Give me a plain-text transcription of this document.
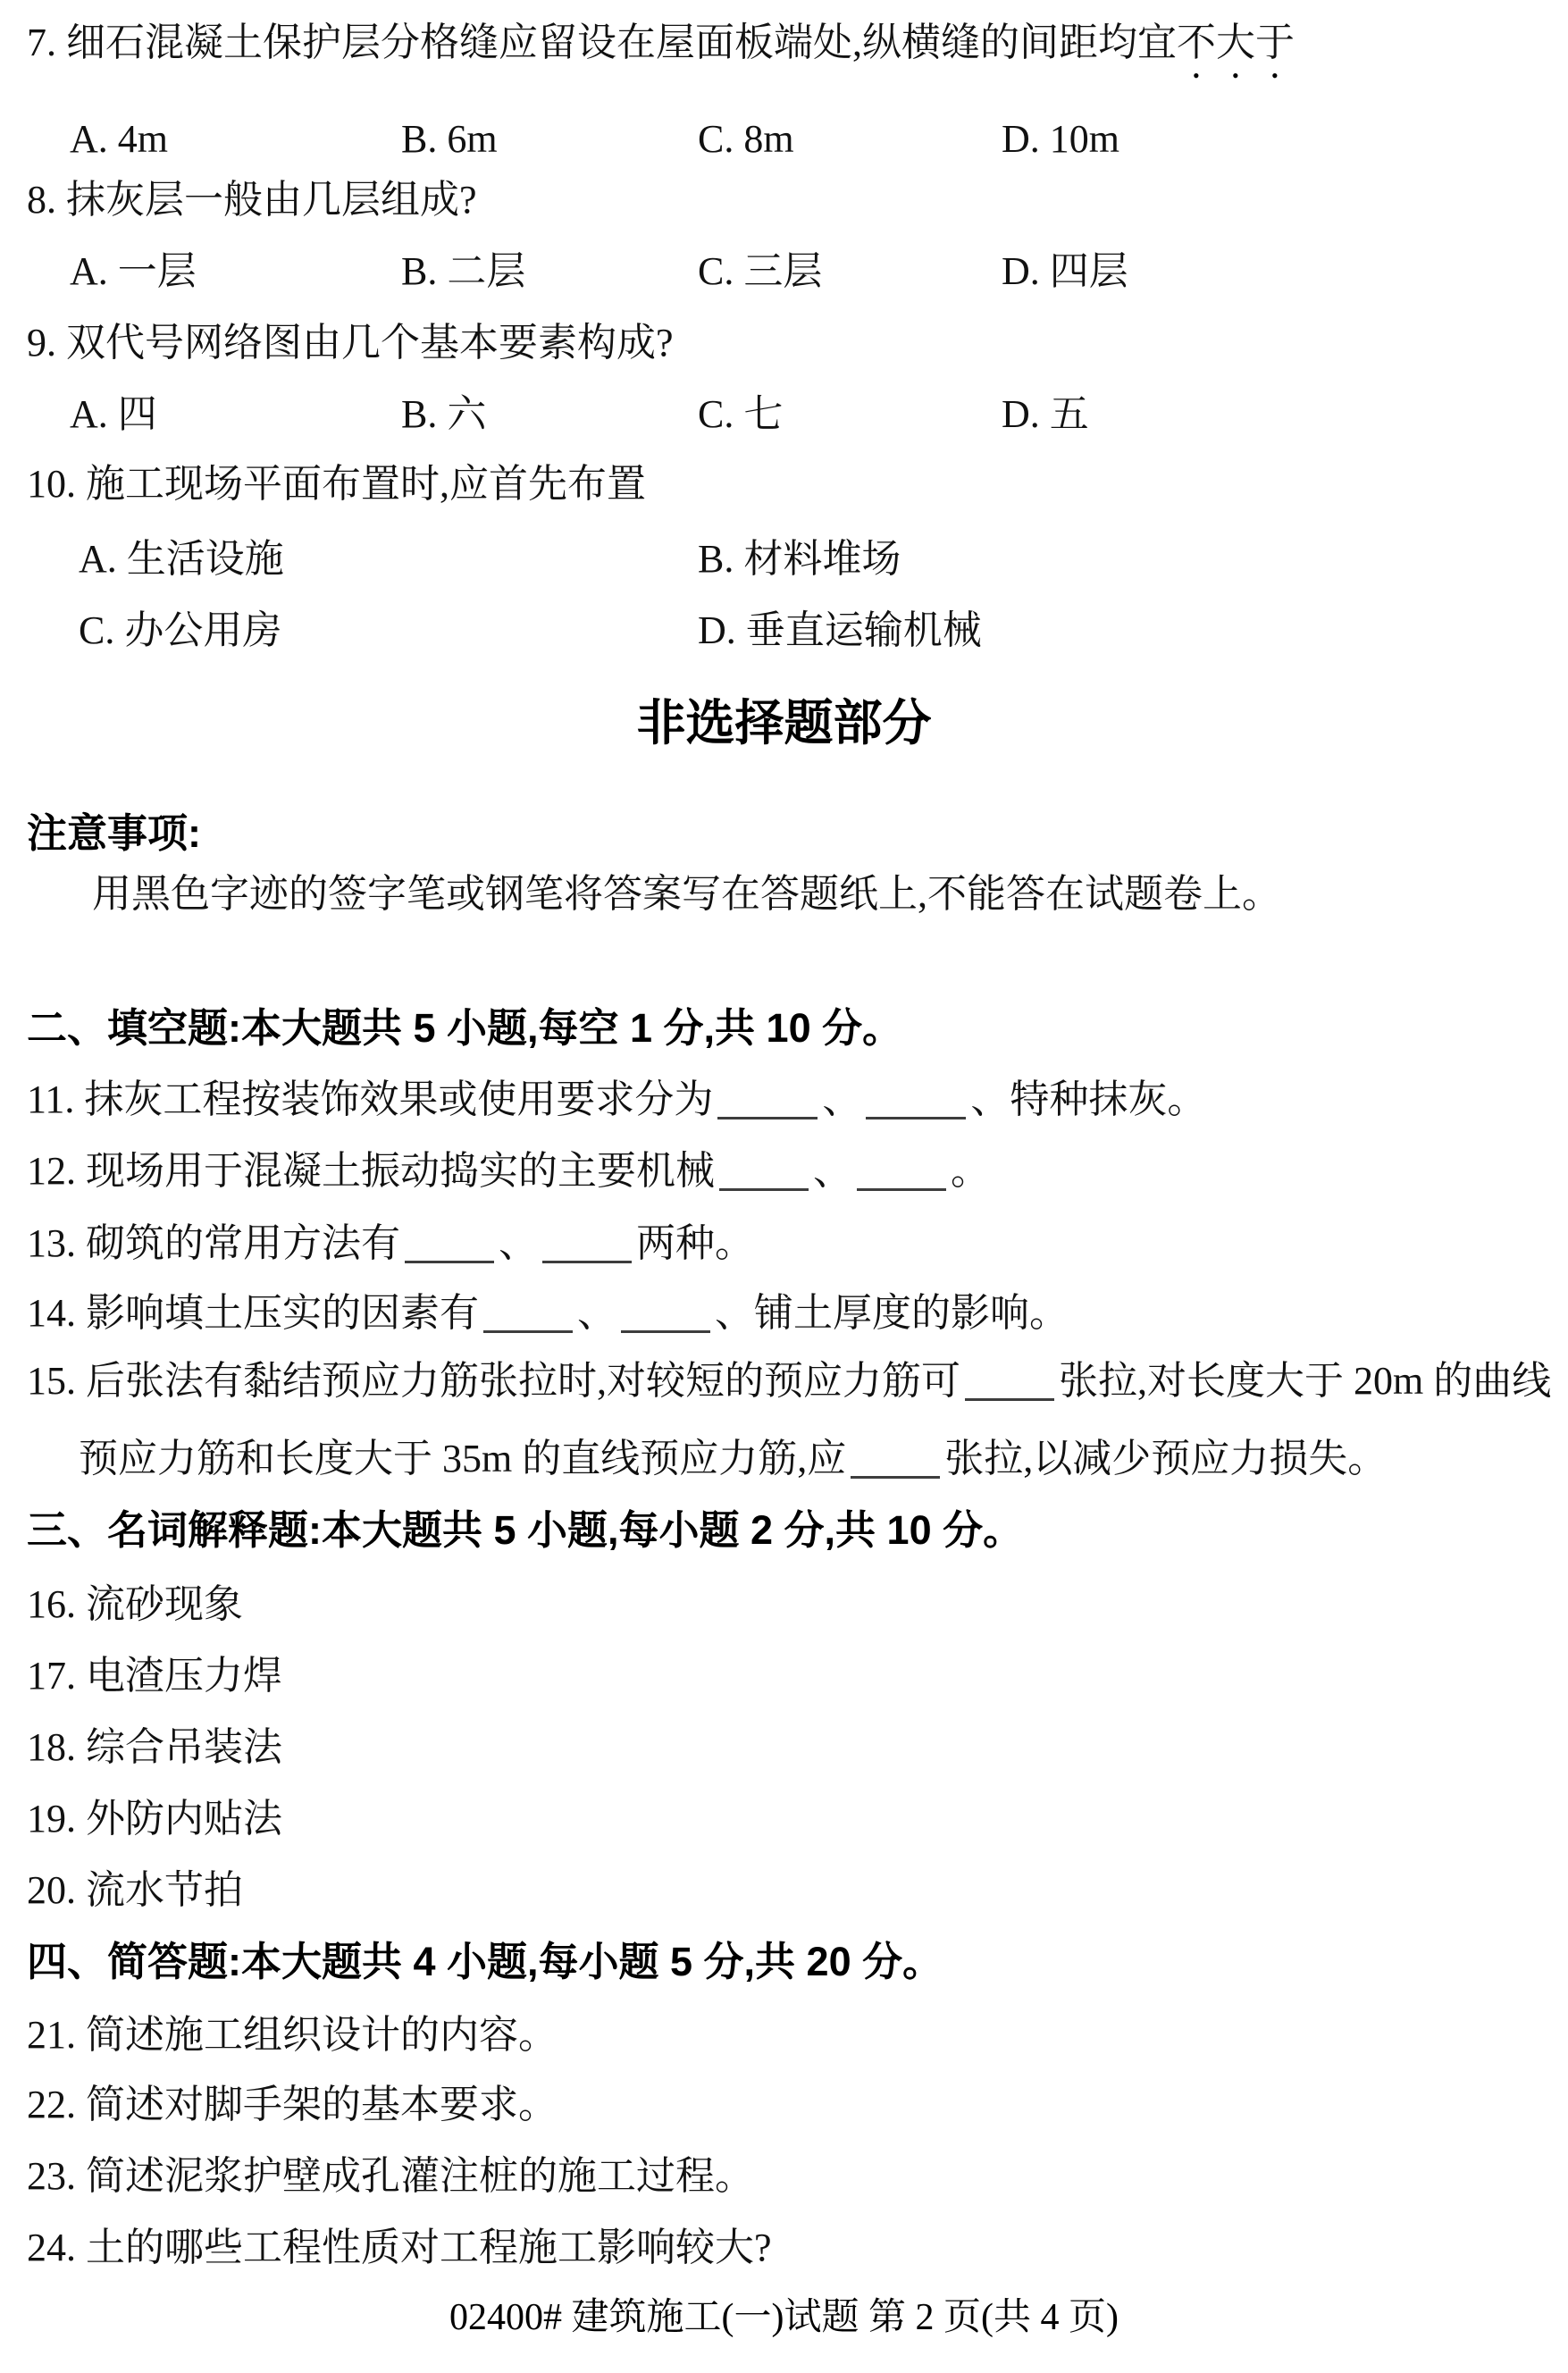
7. 细石混凝土保护层分格缝应留设在屋面板端处,纵横缝的间距均宜不大于
A. 4m	B. 6m	C. 8m	D. 10m
8. 抹灰层一般由几层组成?
A. 一层	B. 二层	C. 三层	D. 四层
9. 双代号网络图由几个基本要素构成?
A. 四	B. 六	C. 七	D. 五
10. 施工现场平面布置时,应首先布置
A. 生活设施	B. 材料堆场
C. 办公用房	D. 垂直运输机械
非选择题部分
注意事项:
用黑色字迹的签字笔或钢笔将答案写在答题纸上,不能答在试题卷上。
二、填空题:本大题共 5 小题,每空 1 分,共 10 分。
11. 抹灰工程按装饰效果或使用要求分为	、	、特种抹灰。
12. 现场用于混凝土振动捣实的主要机械	、	。
13. 砌筑的常用方法有	、	两种。
14. 影响填土压实的因素有	、	、铺土厚度的影响。
15. 后张法有黏结预应力筋张拉时,对较短的预应力筋可	张拉,对长度大于 20m 的曲线
预应力筋和长度大于 35m 的直线预应力筋,应	张拉,以减少预应力损失。
三、名词解释题:本大题共 5 小题,每小题 2 分,共 10 分。
16. 流砂现象
17. 电渣压力焊
18. 综合吊装法
19. 外防内贴法
20. 流水节拍
四、简答题:本大题共 4 小题,每小题 5 分,共 20 分。
21. 简述施工组织设计的内容。
22. 简述对脚手架的基本要求。
23. 简述泥浆护壁成孔灌注桩的施工过程。
24. 土的哪些工程性质对工程施工影响较大?
02400# 建筑施工(一)试题 第 2 页(共 4 页)
